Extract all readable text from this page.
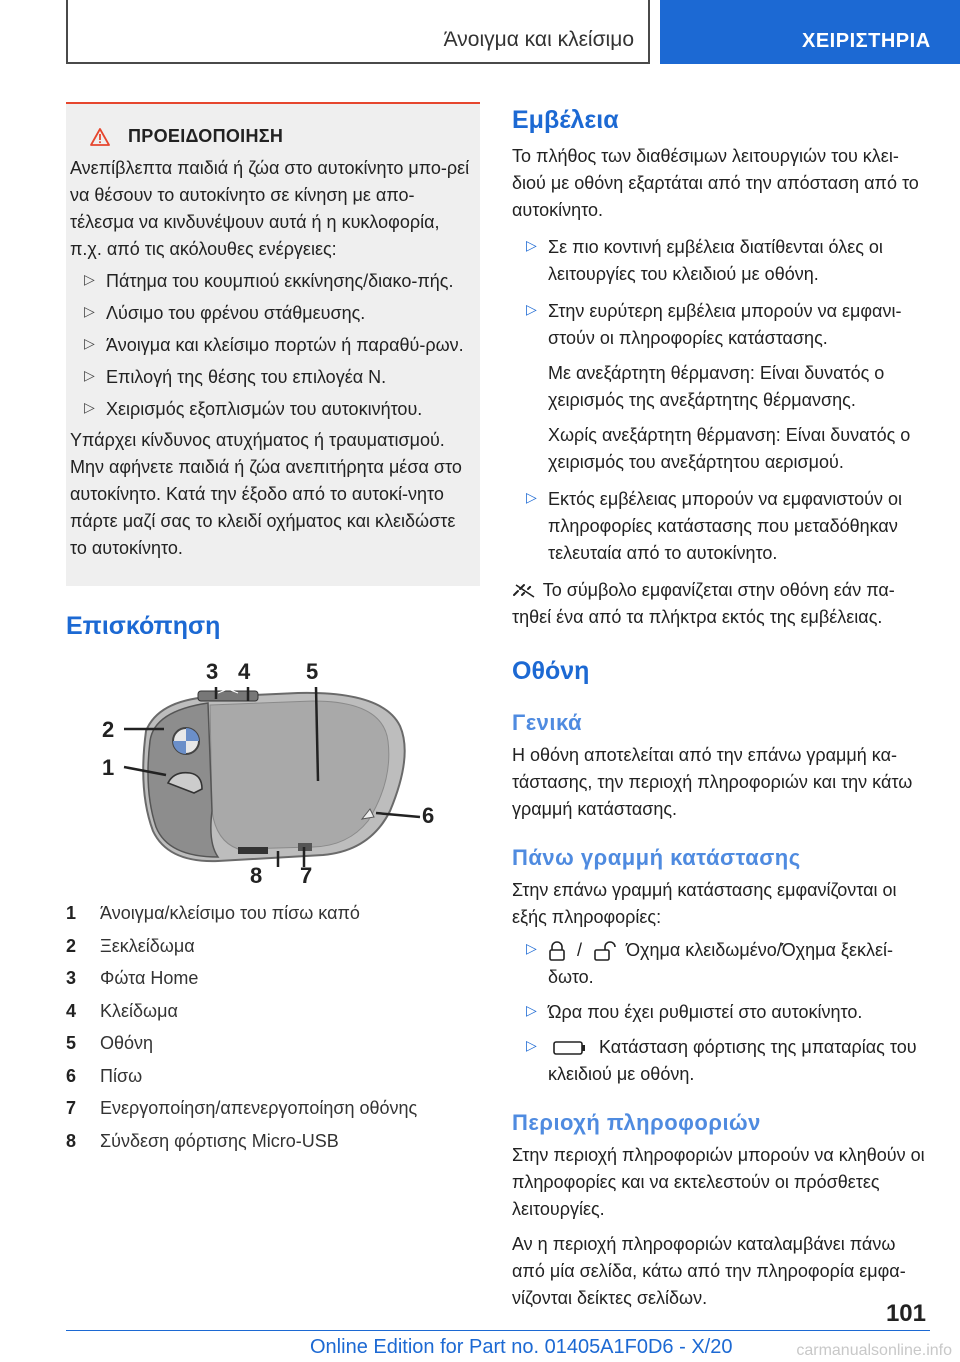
Άνοιγμα και κλείσιμο	ΧΕΙΡΙΣΤΗΡΙΑ
ΠΡΟΕΙΔΟΠΟΙΗΣΗ

Ανεπίβλεπτα παιδιά ή ζώα στο αυτοκίνητο μπο-ρεί να θέσουν το αυτοκίνητο σε κίνηση με απο-τέλεσμα να κινδυνέψουν αυτά ή η κυκλοφορία, π.χ. από τις ακόλουθες ενέργειες:

▷ Πάτημα του κουμπιού εκκίνησης/διακο-πής.
▷ Λύσιμο του φρένου στάθμευσης.
▷ Άνοιγμα και κλείσιμο πορτών ή παραθύ-ρων.
▷ Επιλογή της θέσης του επιλογέα N.
▷ Χειρισμός εξοπλισμών του αυτοκινήτου.

Υπάρχει κίνδυνος ατυχήματος ή τραυματισμού. Μην αφήνετε παιδιά ή ζώα ανεπιτήρητα μέσα στο αυτοκίνητο. Κατά την έξοδο από το αυτοκί-νητο πάρτε μαζί σας το κλειδί οχήματος και κλειδώστε το αυτοκίνητο.

Επισκόπηση
3 4	5
2
1
6
8 7
1	Άνοιγμα/κλείσιμο του πίσω καπό
2	Ξεκλείδωμα
3	Φώτα Home
4	Κλείδωμα
5	Οθόνη
6	Πίσω
7	Ενεργοποίηση/απενεργοποίηση οθόνης
8	Σύνδεση φόρτισης Micro-USB
Εμβέλεια

Το πλήθος των διαθέσιμων λειτουργιών του κλει-διού με οθόνη εξαρτάται από την απόσταση από το αυτοκίνητο.

▷ Σε πιο κοντινή εμβέλεια διατίθενται όλες οι λειτουργίες του κλειδιού με οθόνη.
▷ Στην ευρύτερη εμβέλεια μπορούν να εμφανι-στούν οι πληροφορίες κατάστασης.
Με ανεξάρτητη θέρμανση: Είναι δυνατός ο χειρισμός της ανεξάρτητης θέρμανσης.
Χωρίς ανεξάρτητη θέρμανση: Είναι δυνατός ο χειρισμός του ανεξάρτητου αερισμού.
▷ Εκτός εμβέλειας μπορούν να εμφανιστούν οι πληροφορίες κατάστασης που μεταδόθηκαν τελευταία από το αυτοκίνητο.

Το σύμβολο εμφανίζεται στην οθόνη εάν πα-τηθεί ένα από τα πλήκτρα εκτός της εμβέλειας.

Οθόνη
Γενικά

Η οθόνη αποτελείται από την επάνω γραμμή κα-τάστασης, την περιοχή πληροφοριών και την κάτω γραμμή κατάστασης.

Πάνω γραμμή κατάστασης

Στην επάνω γραμμή κατάστασης εμφανίζονται οι εξής πληροφορίες:

▷	/ Όχημα κλειδωμένο/Όχημα ξεκλεί-δωτο.
▷ Ώρα που έχει ρυθμιστεί στο αυτοκίνητο.
▷	Κατάσταση φόρτισης της μπαταρίας του κλειδιού με οθόνη.
Περιοχή πληροφοριών

Στην περιοχή πληροφοριών μπορούν να κληθούν οι πληροφορίες και να εκτελεστούν οι πρόσθετες λειτουργίες.

Αν η περιοχή πληροφοριών καταλαμβάνει πάνω από μία σελίδα, κάτω από την πληροφορία εμφα-νίζονται δείκτες σελίδων.

101
Online Edition for Part no. 01405A1F0D6 - X/20	carmanualsonline.info
